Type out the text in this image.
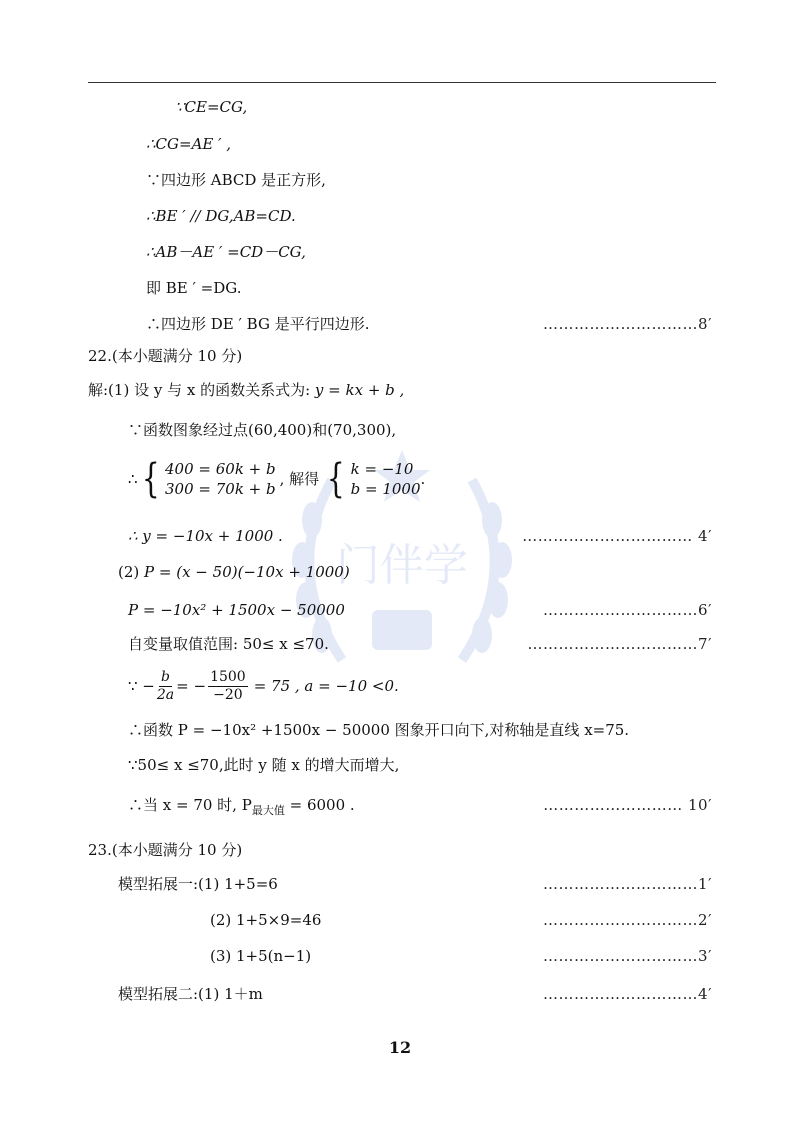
门伴学
∵CE=CG,
∴CG=AE ′ ,
∵四边形 ABCD 是正方形,
∴BE ′ // DG,AB=CD.
∴AB－AE ′ =CD－CG,
即 BE ′ =DG.
∴四边形 DE ′ BG 是平行四边形.	…………………………8′
22.(本小题满分 10 分)
解:(1) 设 y 与 x 的函数关系式为: y = kx + b ,
∵函数图象经过点(60,400)和(70,300),
∴ { 400 = 60k + b
300 = 70k + b
, 解得 { k = −10
b = 1000
.
∴ y = −10x + 1000 .	…………………………… 4′
(2) P = (x − 50)(−10x + 1000)
P = −10x² + 1500x − 50000	…………………………6′
自变量取值范围: 50≤ x ≤70.	……………………………7′
∵ − $\frac{b}{2a}$ = − $\frac{1500}{-20} = 75$ , a = −10 <0.
∴函数 P = −10x² +1500x − 50000 图象开口向下,对称轴是直线 x=75.
∵50≤ x ≤70,此时 y 随 x 的增大而增大,
∴当 x = 70 时, $P_{最大值} = 6000$ .	……………………… 10′
23.(本小题满分 10 分)
模型拓展一:(1) 1+5=6	…………………………1′
(2) 1+5×9=46	…………………………2′
(3) 1+5(n−1)	…………………………3′
模型拓展二:(1) 1＋m	…………………………4′
12
